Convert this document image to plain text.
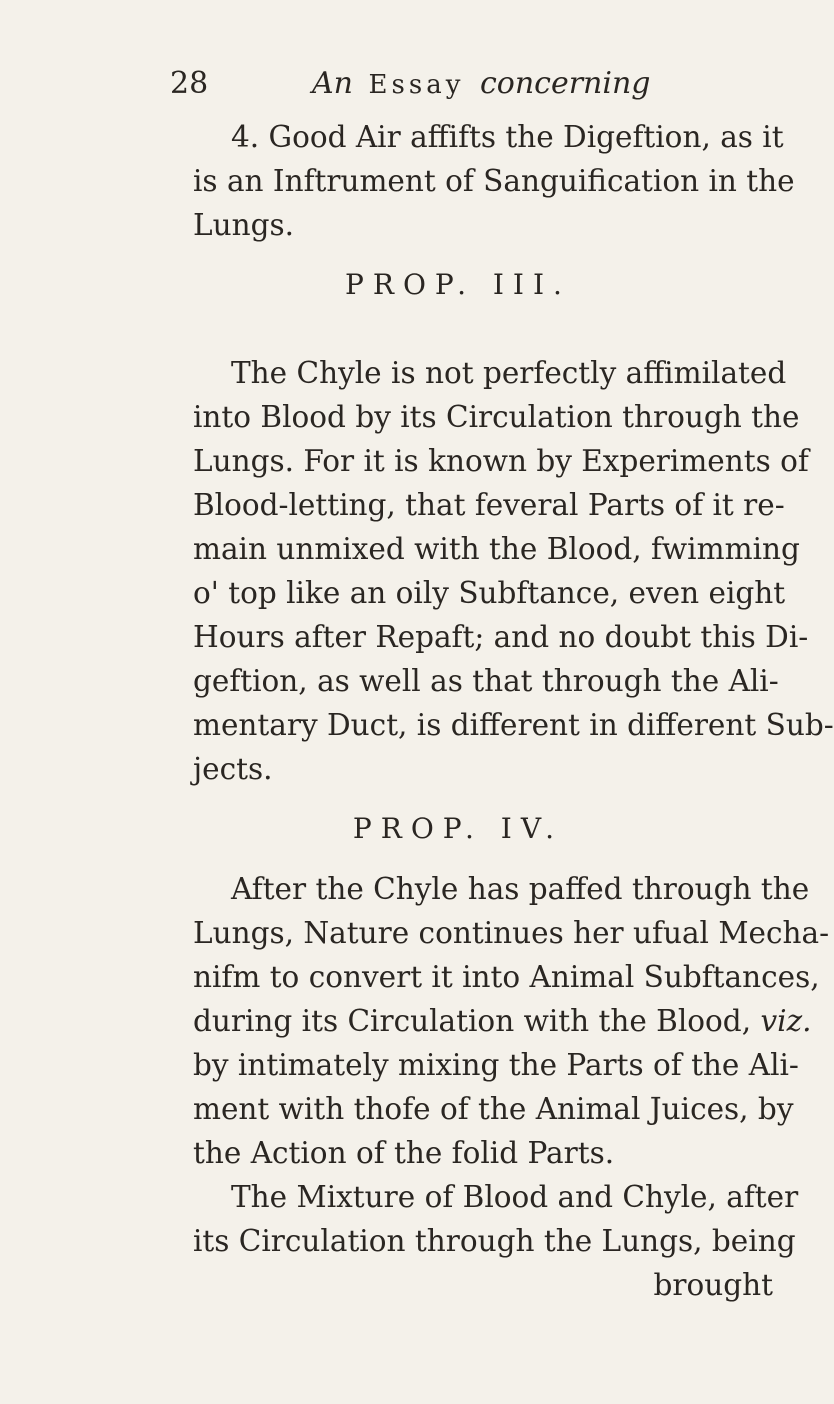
28	An Essay concerning
4. Good Air affifts the Digeftion, as it
is an Inftrument of Sanguification in the
Lungs.
PROP. III.
The Chyle is not perfectly affimilated
into Blood by its Circulation through the
Lungs. For it is known by Experiments of
Blood-letting, that feveral Parts of it re-
main unmixed with the Blood, fwimming
o' top like an oily Subftance, even eight
Hours after Repaft; and no doubt this Di-
geftion, as well as that through the Ali-
mentary Duct, is different in different Sub-
jects.
PROP. IV.
After the Chyle has paffed through the
Lungs, Nature continues her ufual Mecha-
nifm to convert it into Animal Subftances,
during its Circulation with the Blood, viz.
by intimately mixing the Parts of the Ali-
ment with thofe of the Animal Juices, by
the Action of the folid Parts.
The Mixture of Blood and Chyle, after
its Circulation through the Lungs, being
brought
